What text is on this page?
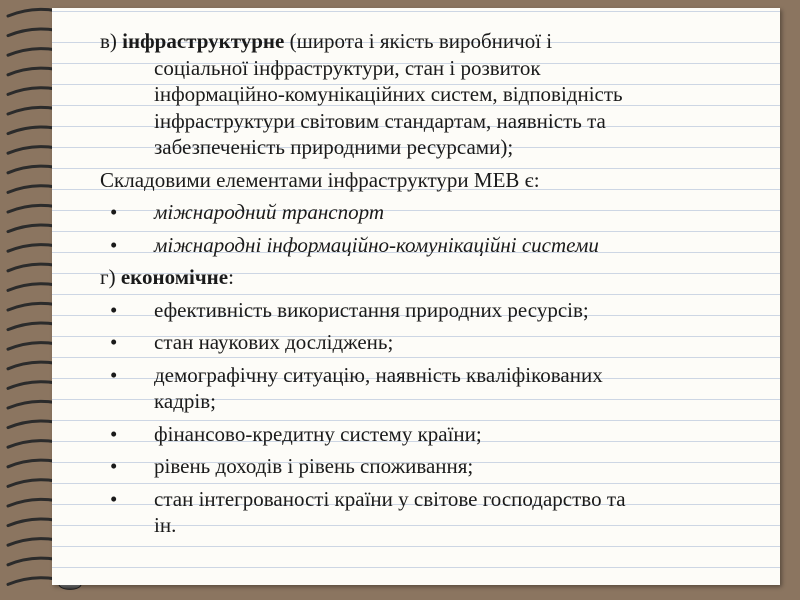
в) інфраструктурне (широта і якість виробничої і
соціальної інфраструктури, стан і розвиток
інформаційно-комунікаційних систем, відповідність
інфраструктури світовим стандартам, наявність та
забезпеченість природними ресурсами);
Складовими елементами інфраструктури МЕВ є:
• міжнародний транспорт
• міжнародні інформаційно-комунікаційні системи
г) економічне:
• ефективність використання природних ресурсів;
• стан наукових досліджень;
• демографічну ситуацію, наявність кваліфікованих
кадрів;
• фінансово-кредитну систему країни;
• рівень доходів і рівень споживання;
• стан інтегрованості країни у світове господарство та
ін.
